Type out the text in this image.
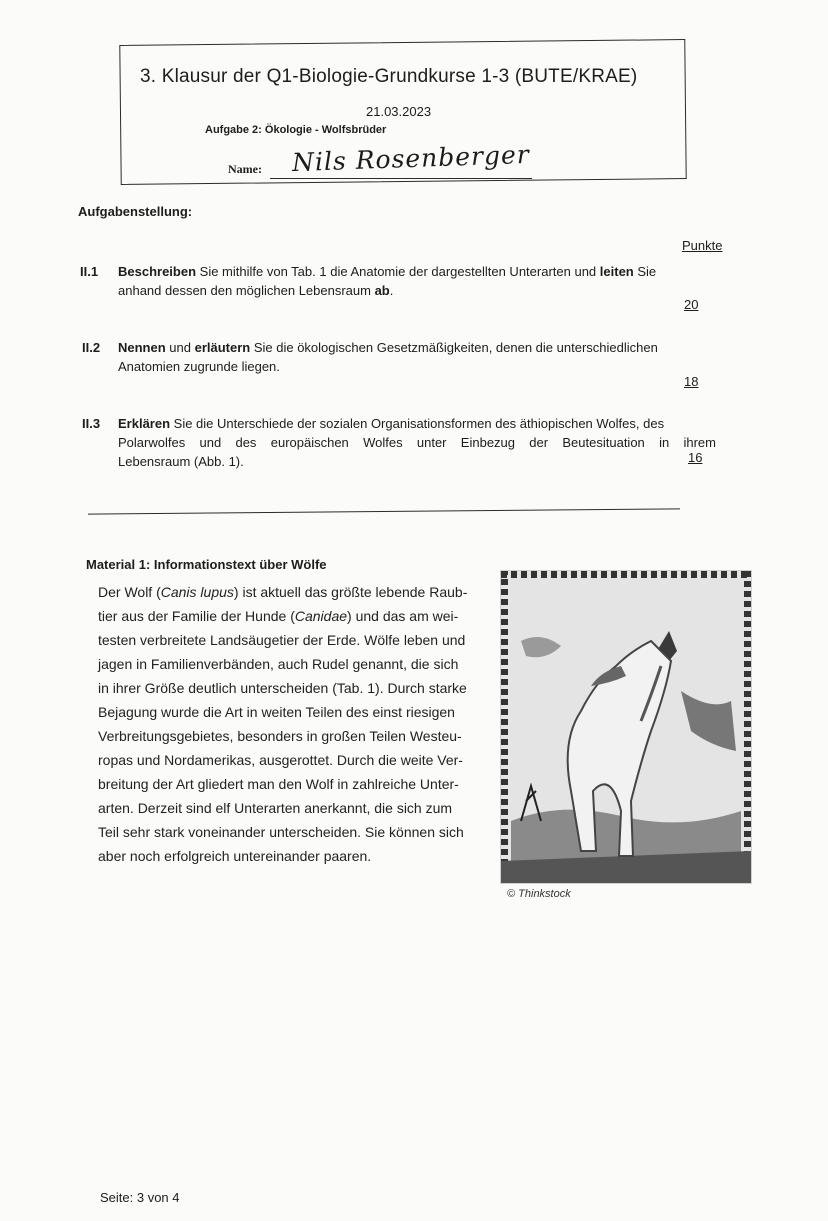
3. Klausur der Q1-Biologie-Grundkurse 1-3 (BUTE/KRAE)
21.03.2023
Aufgabe 2: Ökologie - Wolfsbrüder
Name: Nils Rosenberger
Aufgabenstellung:
Punkte
II.1 Beschreiben Sie mithilfe von Tab. 1 die Anatomie der dargestellten Unterarten und leiten Sie
anhand dessen den möglichen Lebensraum ab.
20
II.2 Nennen und erläutern Sie die ökologischen Gesetzmäßigkeiten, denen die unterschiedlichen
Anatomien zugrunde liegen.
18
II.3 Erklären Sie die Unterschiede der sozialen Organisationsformen des äthiopischen Wolfes, des
Polarwolfes und des europäischen Wolfes unter Einbezug der Beutesituation in ihrem
Lebensraum (Abb. 1).	16
Material 1: Informationstext über Wölfe
Der Wolf (Canis lupus) ist aktuell das größte lebende Raub-
tier aus der Familie der Hunde (Canidae) und das am wei-
testen verbreitete Landsäugetier der Erde. Wölfe leben und
jagen in Familienverbänden, auch Rudel genannt, die sich
in ihrer Größe deutlich unterscheiden (Tab. 1). Durch starke
Bejagung wurde die Art in weiten Teilen des einst riesigen
Verbreitungsgebietes, besonders in großen Teilen Westeu-
ropas und Nordamerikas, ausgerottet. Durch die weite Ver-
breitung der Art gliedert man den Wolf in zahlreiche Unter-
arten. Derzeit sind elf Unterarten anerkannt, die sich zum
Teil sehr stark voneinander unterscheiden. Sie können sich
aber noch erfolgreich untereinander paaren.
© Thinkstock
Seite: 3 von 4
